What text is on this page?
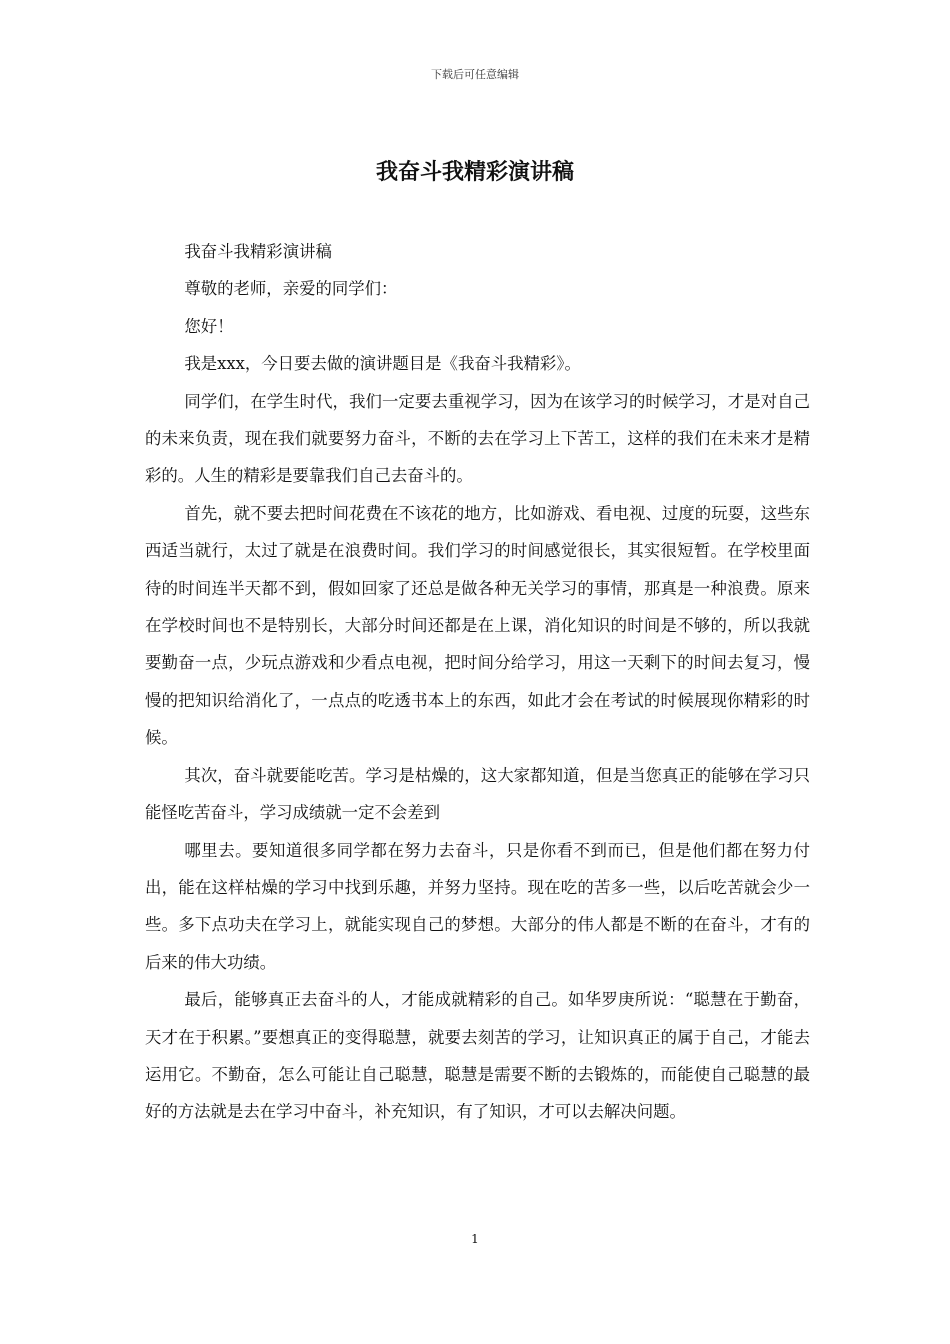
下载后可任意编辑
我奋斗我精彩演讲稿

我奋斗我精彩演讲稿

尊敬的老师，亲爱的同学们：

您好！

我是xxx，今日要去做的演讲题目是《我奋斗我精彩》。

同学们，在学生时代，我们一定要去重视学习，因为在该学习的时候学习，才是对自己的未来负责，现在我们就要努力奋斗，不断的去在学习上下苦工，这样的我们在未来才是精彩的。人生的精彩是要靠我们自己去奋斗的。

首先，就不要去把时间花费在不该花的地方，比如游戏、看电视、过度的玩耍，这些东西适当就行，太过了就是在浪费时间。我们学习的时间感觉很长，其实很短暂。在学校里面待的时间连半天都不到，假如回家了还总是做各种无关学习的事情，那真是一种浪费。原来在学校时间也不是特别长，大部分时间还都是在上课，消化知识的时间是不够的，所以我就要勤奋一点，少玩点游戏和少看点电视，把时间分给学习，用这一天剩下的时间去复习，慢慢的把知识给消化了，一点点的吃透书本上的东西，如此才会在考试的时候展现你精彩的时候。

其次，奋斗就要能吃苦。学习是枯燥的，这大家都知道，但是当您真正的能够在学习只能怪吃苦奋斗，学习成绩就一定不会差到

哪里去。要知道很多同学都在努力去奋斗，只是你看不到而已，但是他们都在努力付出，能在这样枯燥的学习中找到乐趣，并努力坚持。现在吃的苦多一些，以后吃苦就会少一些。多下点功夫在学习上，就能实现自己的梦想。大部分的伟人都是不断的在奋斗，才有的后来的伟大功绩。

最后，能够真正去奋斗的人，才能成就精彩的自己。如华罗庚所说：“聪慧在于勤奋，天才在于积累。”要想真正的变得聪慧，就要去刻苦的学习，让知识真正的属于自己，才能去运用它。不勤奋，怎么可能让自己聪慧，聪慧是需要不断的去锻炼的，而能使自己聪慧的最好的方法就是去在学习中奋斗，补充知识，有了知识，才可以去解决问题。

1
